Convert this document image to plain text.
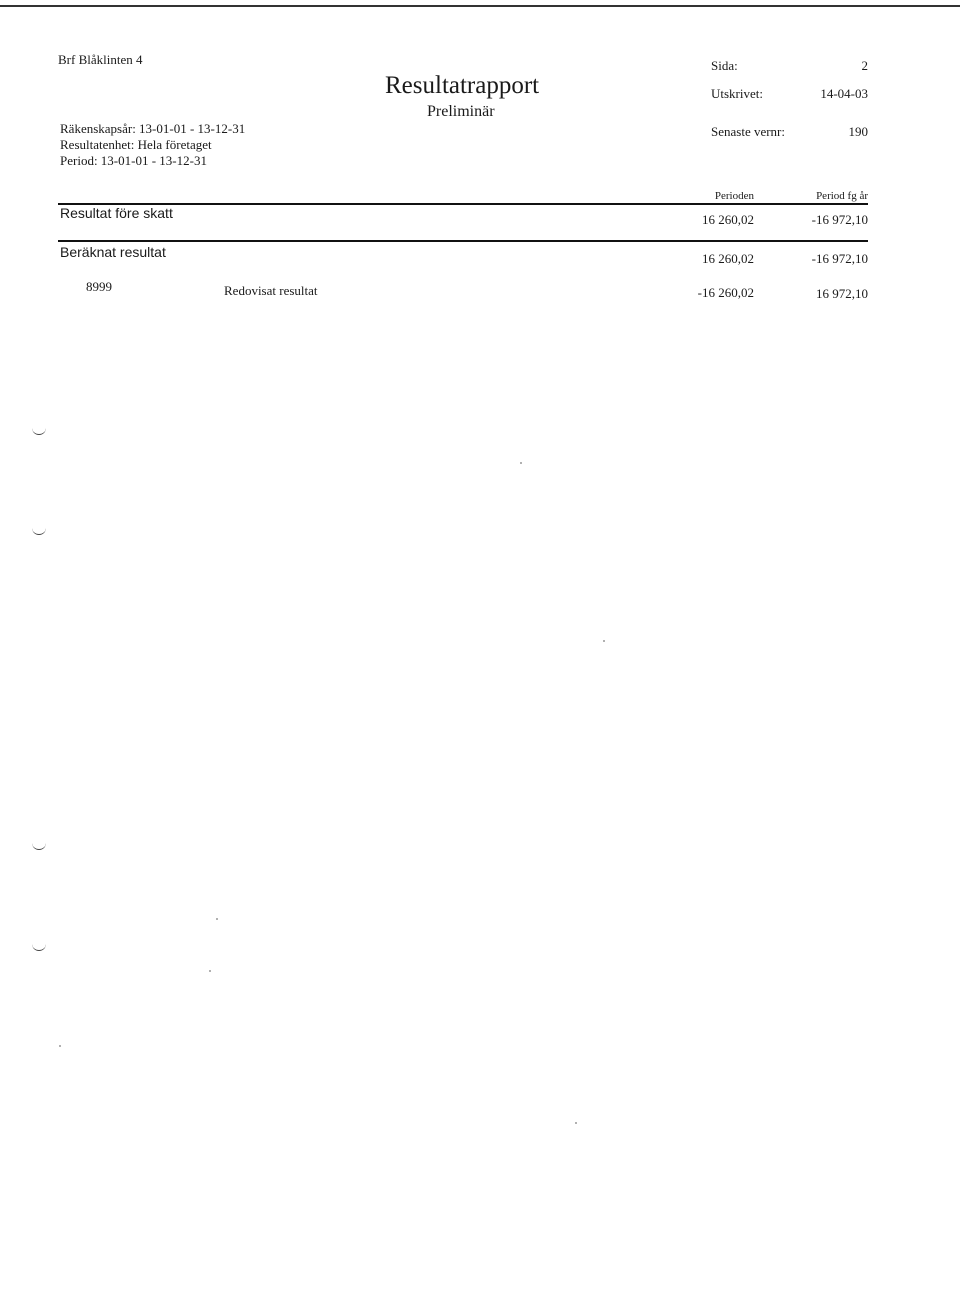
Brf Blåklinten 4
Räkenskapsår: 13-01-01 - 13-12-31
Resultatenhet: Hela företaget
Period: 13-01-01 - 13-12-31
Resultatrapport
Preliminär
Sida:	2
Utskrivet:	14-04-03
Senaste vernr:	190
Perioden	Period fg år
Resultat före skatt	16 260,02	-16 972,10
Beräknat resultat	16 260,02	-16 972,10
8999	Redovisat resultat	-16 260,02	16 972,10
